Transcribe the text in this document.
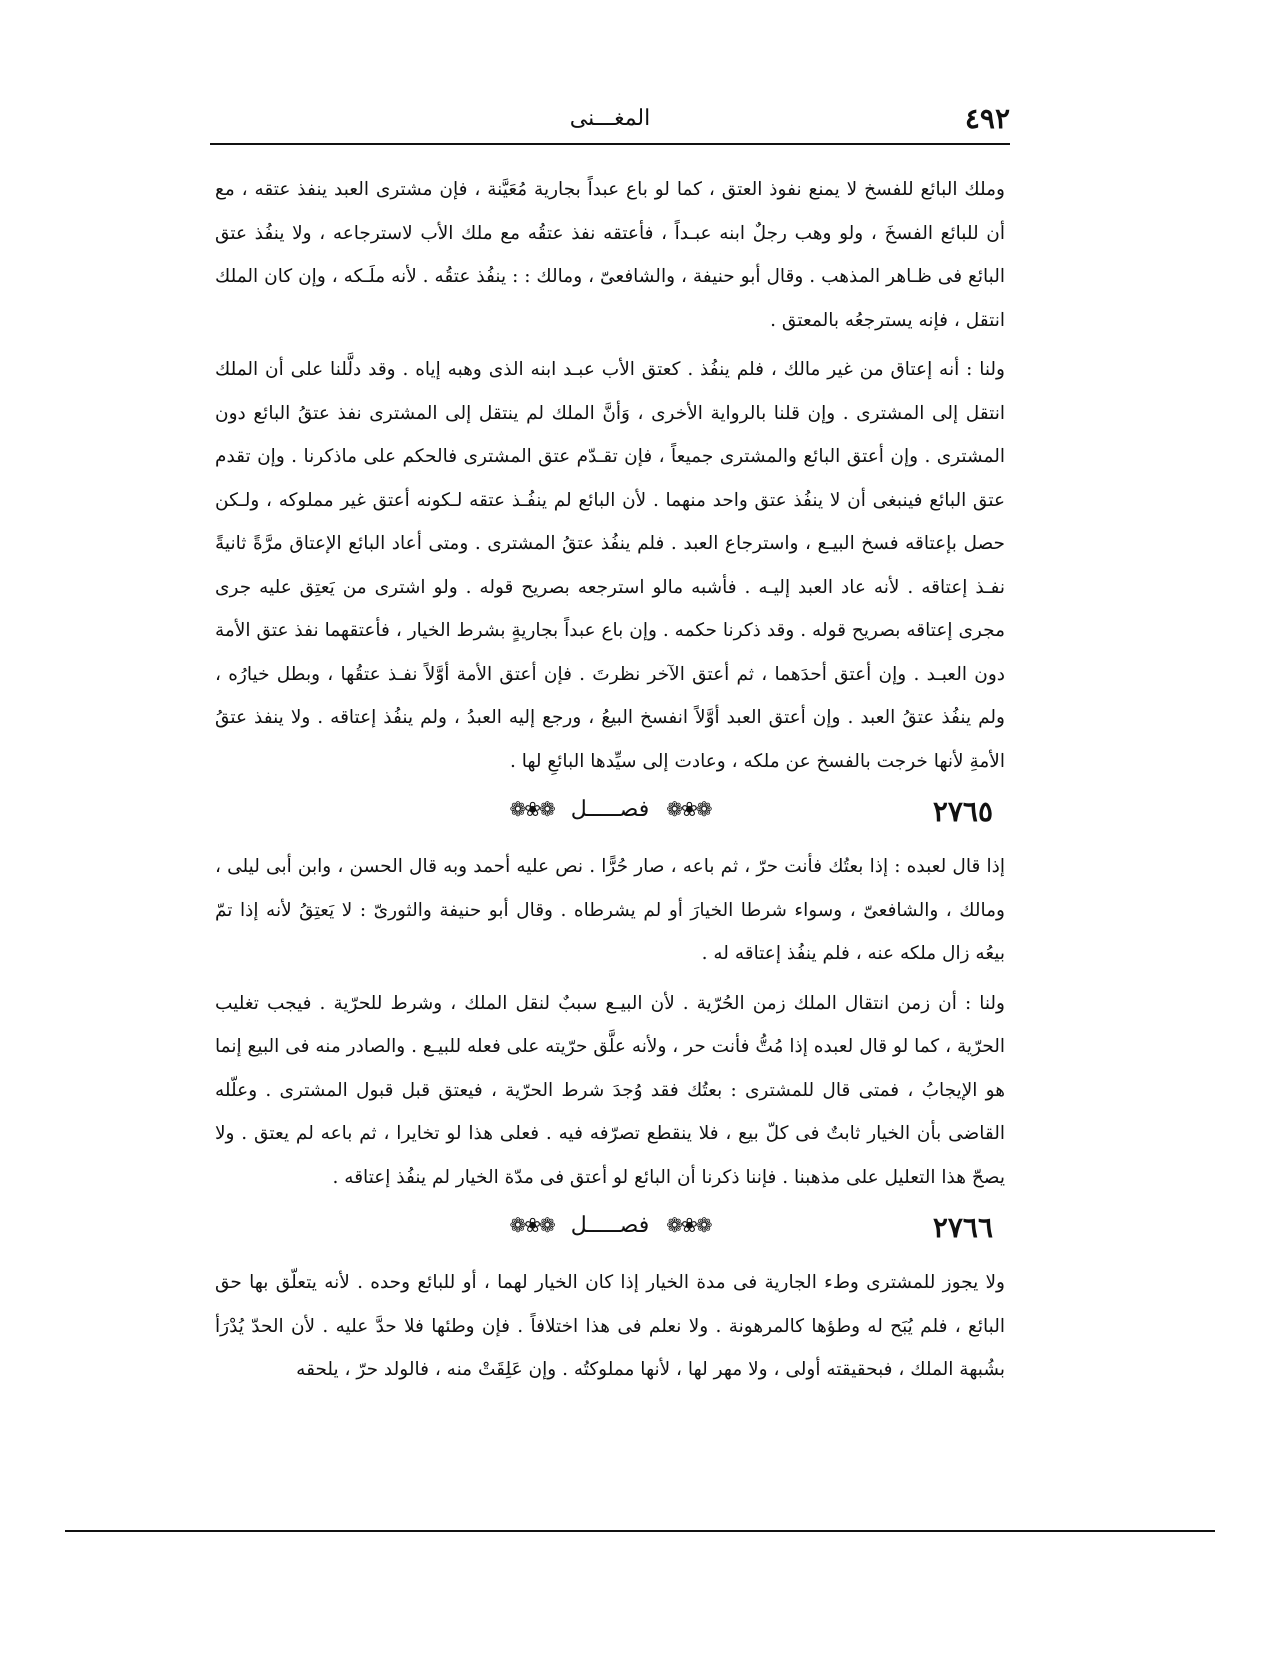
٤٩٢
المغـــنى

وملك البائع للفسخ لا يمنع نفوذ العتق ، كما لو باع عبداً بجارية مُعَيَّنة ، فإن مشترى العبد ينفذ عتقه ، مع أن للبائع الفسخَ ، ولو وهب رجلٌ ابنه عبـداً ، فأعتقه نفذ عتقُه مع ملك الأب لاسترجاعه ، ولا ينفُذ عتق البائع فى ظـاهر المذهب . وقال أبو حنيفة ، والشافعىّ ، ومالك : : ينفُذ عتقُه . لأنه ملَـكه ، وإن كان الملك انتقل ، فإنه يسترجعُه بالمعتق .

ولنا : أنه إعتاق من غير مالك ، فلم ينفُذ . كعتق الأب عبـد ابنه الذى وهبه إياه . وقد دلَّلنا على أن الملك انتقل إلى المشترى . وإن قلنا بالرواية الأخرى ، وَأنَّ الملك لم ينتقل إلى المشترى نفذ عتقُ البائع دون المشترى . وإن أعتق البائع والمشترى جميعاً ، فإن تقـدّم عتق المشترى فالحكم على ماذكرنا . وإن تقدم عتق البائع فينبغى أن لا ينفُذ عتق واحد منهما . لأن البائع لم ينفُـذ عتقه لـكونه أعتق غير مملوكه ، ولـكن حصل بإعتاقه فسخ البيـع ، واسترجاع العبد . فلم ينفُذ عتقُ المشترى . ومتى أعاد البائع الإعتاق مرَّةً ثانيةً نفـذ إعتاقه . لأنه عاد العبد إليـه . فأشبه مالو استرجعه بصريح قوله . ولو اشترى من يَعتِق عليه جرى مجرى إعتاقه بصريح قوله . وقد ذكرنا حكمه . وإن باع عبداً بجاريةٍ بشرط الخيار ، فأعتقهما نفذ عتق الأمة دون العبـد . وإن أعتق أحدَهما ، ثم أعتق الآخر نظرتَ . فإن أعتق الأمة أوَّلاً نفـذ عتقُها ، وبطل خيارُه ، ولم ينفُذ عتقُ العبد . وإن أعتق العبد أوَّلاً انفسخ البيعُ ، ورجع إليه العبدُ ، ولم ينفُذ إعتاقه . ولا ينفذ عتقُ الأمةِ لأنها خرجت بالفسخ عن ملكه ، وعادت إلى سيِّدها البائعِ لها .

٢٧٦٥
❁❀❁ فصـــــل ❁❀❁

إذا قال لعبده : إذا بعتُك فأنت حرّ ، ثم باعه ، صار حُرًّا . نص عليه أحمد وبه قال الحسن ، وابن أبى ليلى ، ومالك ، والشافعىّ ، وسواء شرطا الخيارَ أو لم يشرطاه . وقال أبو حنيفة والثورىّ : لا يَعتِقُ لأنه إذا تمّ بيعُه زال ملكه عنه ، فلم ينفُذ إعتاقه له .

ولنا : أن زمن انتقال الملك زمن الحُرّية . لأن البيـع سببٌ لنقل الملك ، وشرط للحرّية . فيجب تغليب الحرّية ، كما لو قال لعبده إذا مُتُّ فأنت حر ، ولأنه علَّق حرّيته على فعله للبيـع . والصادر منه فى البيع إنما هو الإيجابُ ، فمتى قال للمشترى : بعتُك فقد وُجدَ شرط الحرّية ، فيعتق قبل قبول المشترى . وعلّله القاضى بأن الخيار ثابتٌ فى كلّ بيع ، فلا ينقطع تصرّفه فيه . فعلى هذا لو تخايرا ، ثم باعه لم يعتق . ولا يصحّ هذا التعليل على مذهبنا . فإننا ذكرنا أن البائع لو أعتق فى مدّة الخيار لم ينفُذ إعتاقه .

٢٧٦٦
❁❀❁ فصـــــل ❁❀❁

ولا يجوز للمشترى وطء الجارية فى مدة الخيار إذا كان الخيار لهما ، أو للبائع وحده . لأنه يتعلّق بها حق البائع ، فلم يُبَح له وطؤها كالمرهونة . ولا نعلم فى هذا اختلافاً . فإن وطئها فلا حدَّ عليه . لأن الحدّ يُدْرَأ بشُبهة الملك ، فبحقيقته أولى ، ولا مهر لها ، لأنها مملوكتُه . وإن عَلِقَتْ منه ، فالولد حرّ ، يلحقه
